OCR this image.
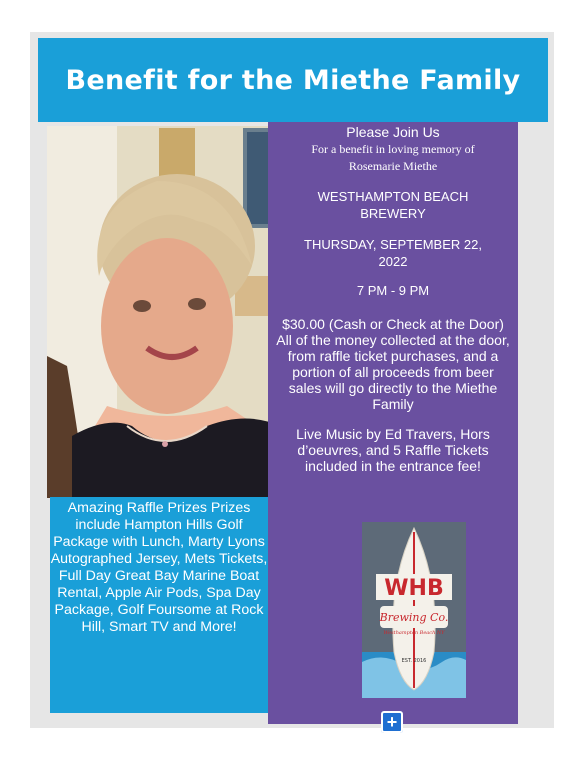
Benefit for the Miethe Family
Amazing Raffle Prizes Prizes include Hampton Hills Golf Package with Lunch, Marty Lyons Autographed Jersey, Mets Tickets, Full Day Great Bay Marine Boat Rental, Apple Air Pods, Spa Day Package, Golf Foursome at Rock Hill, Smart TV and More!
Please Join Us
For a benefit in loving memory of
Rosemarie Miethe
WESTHAMPTON BEACH
BREWERY
THURSDAY, SEPTEMBER 22,
2022
7 PM - 9 PM
$30.00 (Cash or Check at the Door)
All of the money collected at the door, from raffle ticket purchases, and a portion of all proceeds from beer sales will go directly to the Miethe Family
Live Music by Ed Travers, Hors d’oeuvres, and 5 Raffle Tickets included in the entrance fee!
WHB
Brewing Co.
Westhampton Beach NY
EST. 2016
+
